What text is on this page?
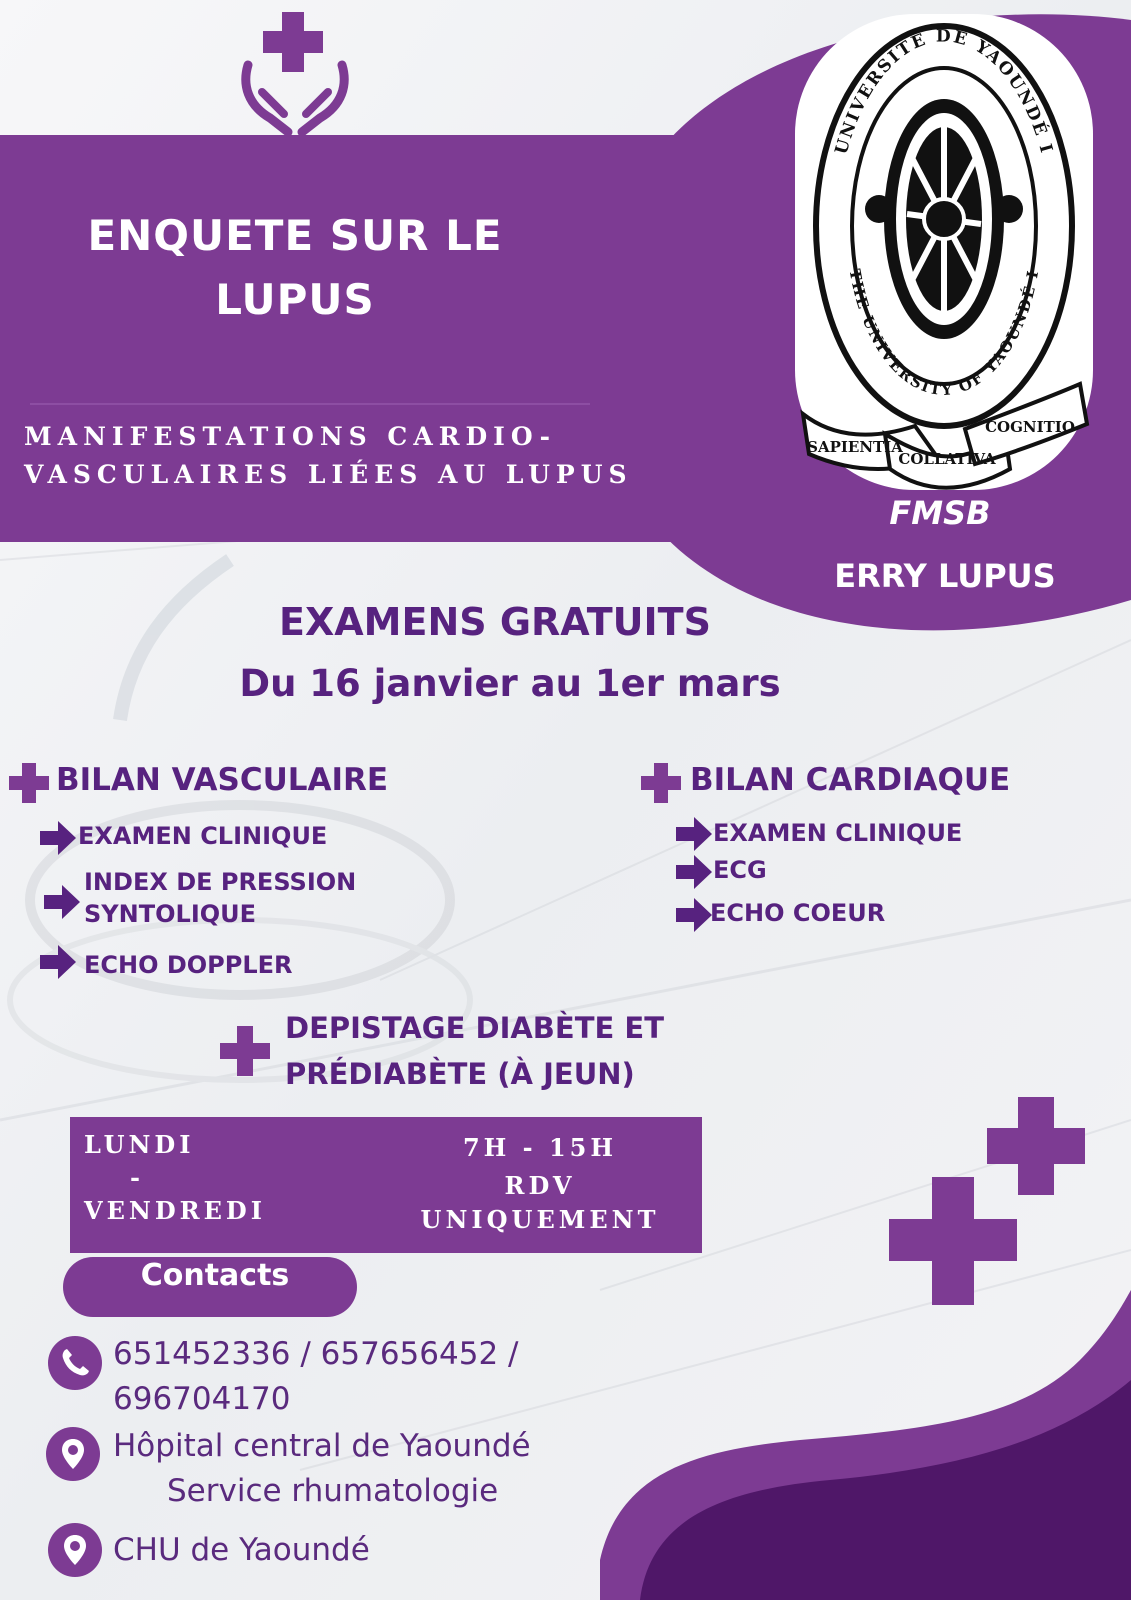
ENQUETE SUR LE
LUPUS
MANIFESTATIONS CARDIO-
VASCULAIRES LIÉES AU LUPUS
UNIVERSITÉ DE YAOUNDÉ I
THE UNIVERSITY OF YAOUNDÉ I
SAPIENTIA
COLLATIVA
COGNITIO
FMSB
ERRY LUPUS
EXAMENS GRATUITS
Du 16 janvier au 1er mars
BILAN VASCULAIRE
EXAMEN CLINIQUE
INDEX DE PRESSION
SYNTOLIQUE
ECHO DOPPLER
BILAN CARDIAQUE
EXAMEN CLINIQUE
ECG
ECHO COEUR
DEPISTAGE DIABÈTE ET
PRÉDIABÈTE (À JEUN)
LUNDI
-
VENDREDI
7H - 15H
RDV
UNIQUEMENT
Contacts
651452336 / 657656452 /
696704170
Hôpital central de Yaoundé
Service rhumatologie
CHU de Yaoundé
